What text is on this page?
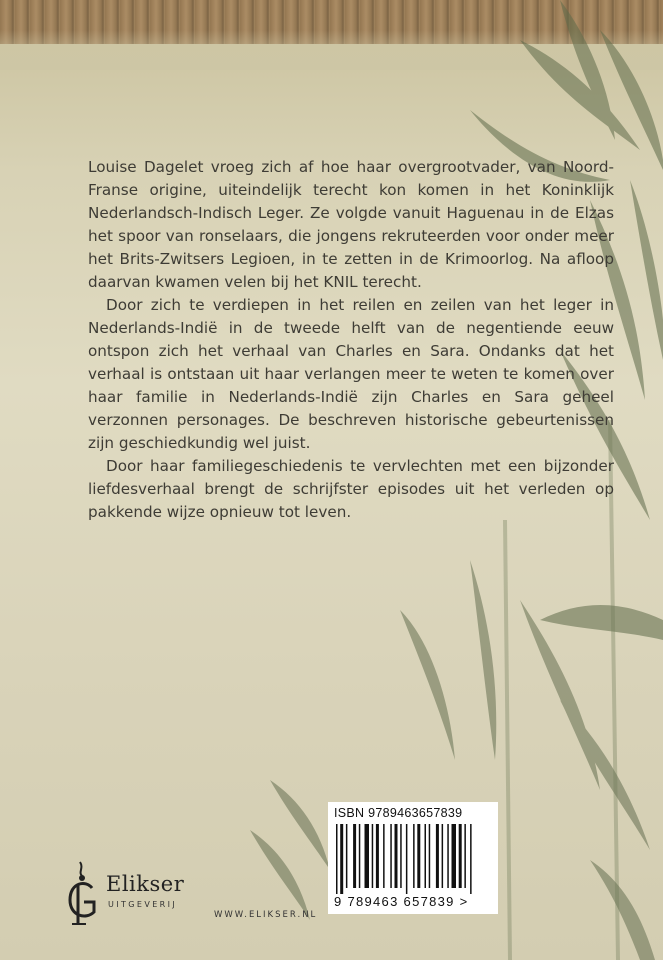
Louise Dagelet vroeg zich af hoe haar overgrootvader, van Noord-Franse origine, uiteindelijk terecht kon komen in het Koninklijk Nederlandsch-Indisch Leger. Ze volgde vanuit Haguenau in de Elzas het spoor van ronselaars, die jongens rekruteerden voor onder meer het Brits-Zwitsers Legioen, in te zetten in de Krimoorlog. Na afloop daarvan kwamen velen bij het KNIL terecht.

Door zich te verdiepen in het reilen en zeilen van het leger in Nederlands-Indië in de tweede helft van de negentiende eeuw ontspon zich het verhaal van Charles en Sara. Ondanks dat het verhaal is ontstaan uit haar verlangen meer te weten te komen over haar familie in Nederlands-Indië zijn Charles en Sara geheel verzonnen personages. De beschreven historische gebeurtenissen zijn geschiedkundig wel juist.

Door haar familiegeschiedenis te vervlechten met een bijzonder liefdesverhaal brengt de schrijfster episodes uit het verleden op pakkende wijze opnieuw tot leven.

Elikser
UITGEVERIJ
WWW.ELIKSER.NL
ISBN 9789463657839
9 789463 657839 >
